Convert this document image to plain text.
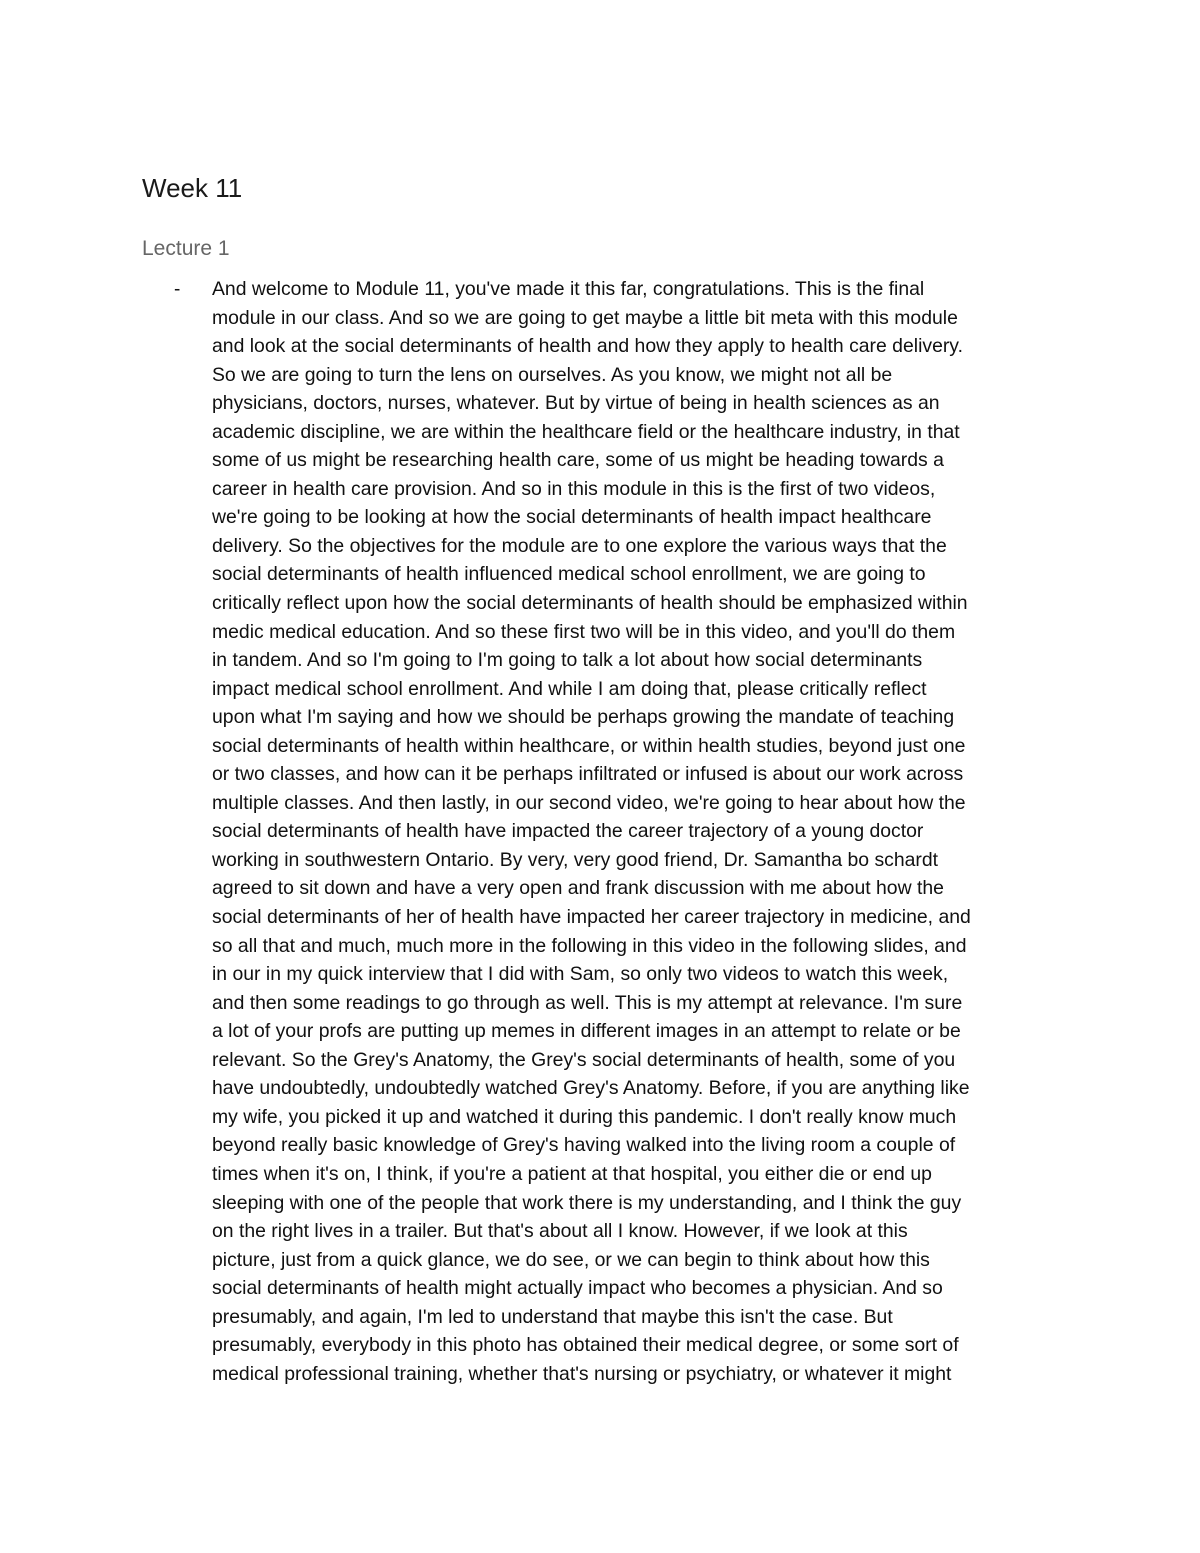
Week 11
Lecture 1
- And welcome to Module 11, you've made it this far, congratulations. This is the final
module in our class. And so we are going to get maybe a little bit meta with this module
and look at the social determinants of health and how they apply to health care delivery.
So we are going to turn the lens on ourselves. As you know, we might not all be
physicians, doctors, nurses, whatever. But by virtue of being in health sciences as an
academic discipline, we are within the healthcare field or the healthcare industry, in that
some of us might be researching health care, some of us might be heading towards a
career in health care provision. And so in this module in this is the first of two videos,
we're going to be looking at how the social determinants of health impact healthcare
delivery. So the objectives for the module are to one explore the various ways that the
social determinants of health influenced medical school enrollment, we are going to
critically reflect upon how the social determinants of health should be emphasized within
medic medical education. And so these first two will be in this video, and you'll do them
in tandem. And so I'm going to I'm going to talk a lot about how social determinants
impact medical school enrollment. And while I am doing that, please critically reflect
upon what I'm saying and how we should be perhaps growing the mandate of teaching
social determinants of health within healthcare, or within health studies, beyond just one
or two classes, and how can it be perhaps infiltrated or infused is about our work across
multiple classes. And then lastly, in our second video, we're going to hear about how the
social determinants of health have impacted the career trajectory of a young doctor
working in southwestern Ontario. By very, very good friend, Dr. Samantha bo schardt
agreed to sit down and have a very open and frank discussion with me about how the
social determinants of her of health have impacted her career trajectory in medicine, and
so all that and much, much more in the following in this video in the following slides, and
in our in my quick interview that I did with Sam, so only two videos to watch this week,
and then some readings to go through as well. This is my attempt at relevance. I'm sure
a lot of your profs are putting up memes in different images in an attempt to relate or be
relevant. So the Grey's Anatomy, the Grey's social determinants of health, some of you
have undoubtedly, undoubtedly watched Grey's Anatomy. Before, if you are anything like
my wife, you picked it up and watched it during this pandemic. I don't really know much
beyond really basic knowledge of Grey's having walked into the living room a couple of
times when it's on, I think, if you're a patient at that hospital, you either die or end up
sleeping with one of the people that work there is my understanding, and I think the guy
on the right lives in a trailer. But that's about all I know. However, if we look at this
picture, just from a quick glance, we do see, or we can begin to think about how this
social determinants of health might actually impact who becomes a physician. And so
presumably, and again, I'm led to understand that maybe this isn't the case. But
presumably, everybody in this photo has obtained their medical degree, or some sort of
medical professional training, whether that's nursing or psychiatry, or whatever it might
